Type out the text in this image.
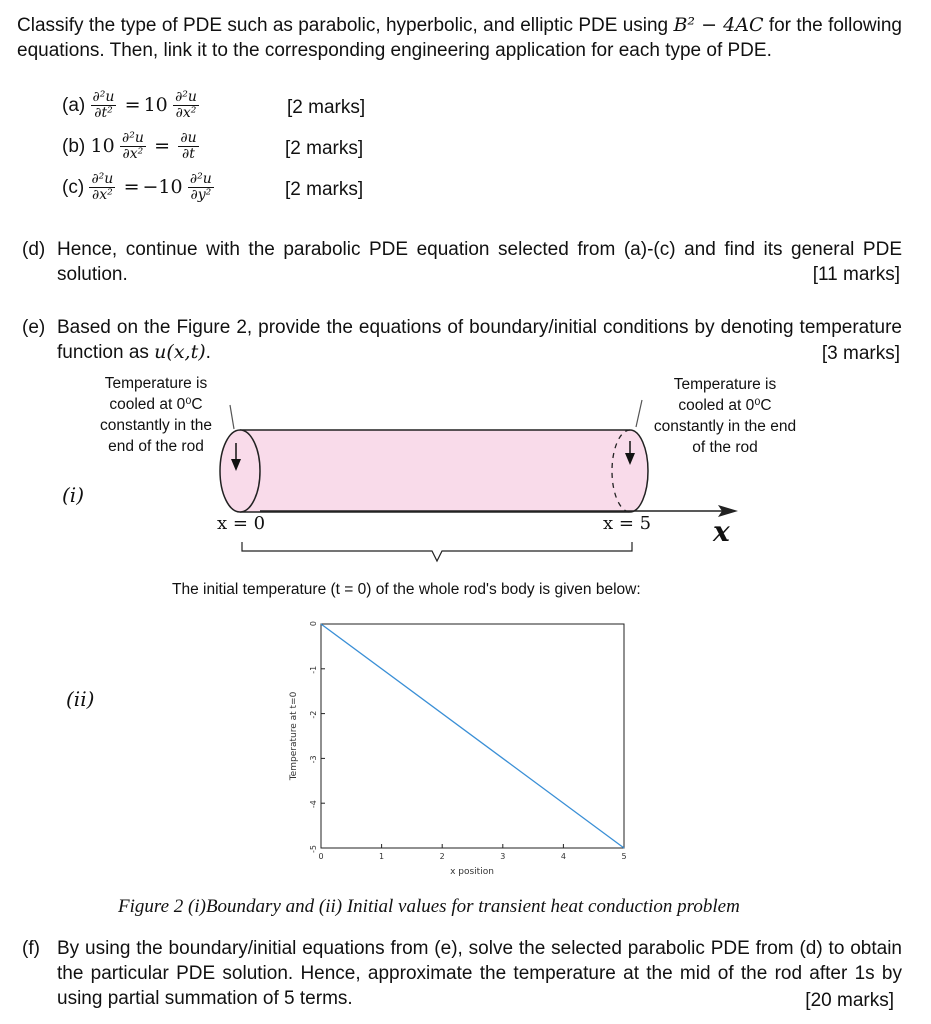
Classify the type of PDE such as parabolic, hyperbolic, and elliptic PDE using B² − 4AC for the following equations. Then, link it to the corresponding engineering application for each type of PDE.
$(a) \frac{\text{∂²u}}{\text{∂t²}} = 10 \frac{\text{∂²u}}{\text{∂x²}}$	[2 marks]
(b) $10 \frac{\text{∂²u}}{\text{∂x²}} = \frac{\partial u}{\partial t}$	[2 marks]
$(c) \frac{\text{∂²u}}{\text{∂x²}} = -10 \frac{\text{∂²u}}{\text{∂y²}}$	[2 marks]
(d) Hence, continue with the parabolic PDE equation selected from (a)-(c) and find its general PDE solution.	[11 marks]
(e) Based on the Figure 2, provide the equations of boundary/initial conditions by denoting temperature function as u(x,t).	[3 marks]
Temperature is
cooled at 0⁰C
constantly in the
end of the rod
Temperature is
cooled at 0⁰C
constantly in the end
of the rod
(i)
x = 0	x = 5 x
The initial temperature (t = 0) of the whole rod's body is given below:
(ii)
0	1	2	3	4	5
0
-1
-2
-3
-4
-5
x position
Temperature at t=0
Figure 2 (i)Boundary and (ii) Initial values for transient heat conduction problem
(f) By using the boundary/initial equations from (e), solve the selected parabolic PDE from (d) to obtain the particular PDE solution. Hence, approximate the temperature at the mid of the rod after 1s by using partial summation of 5 terms.	[20 marks]
